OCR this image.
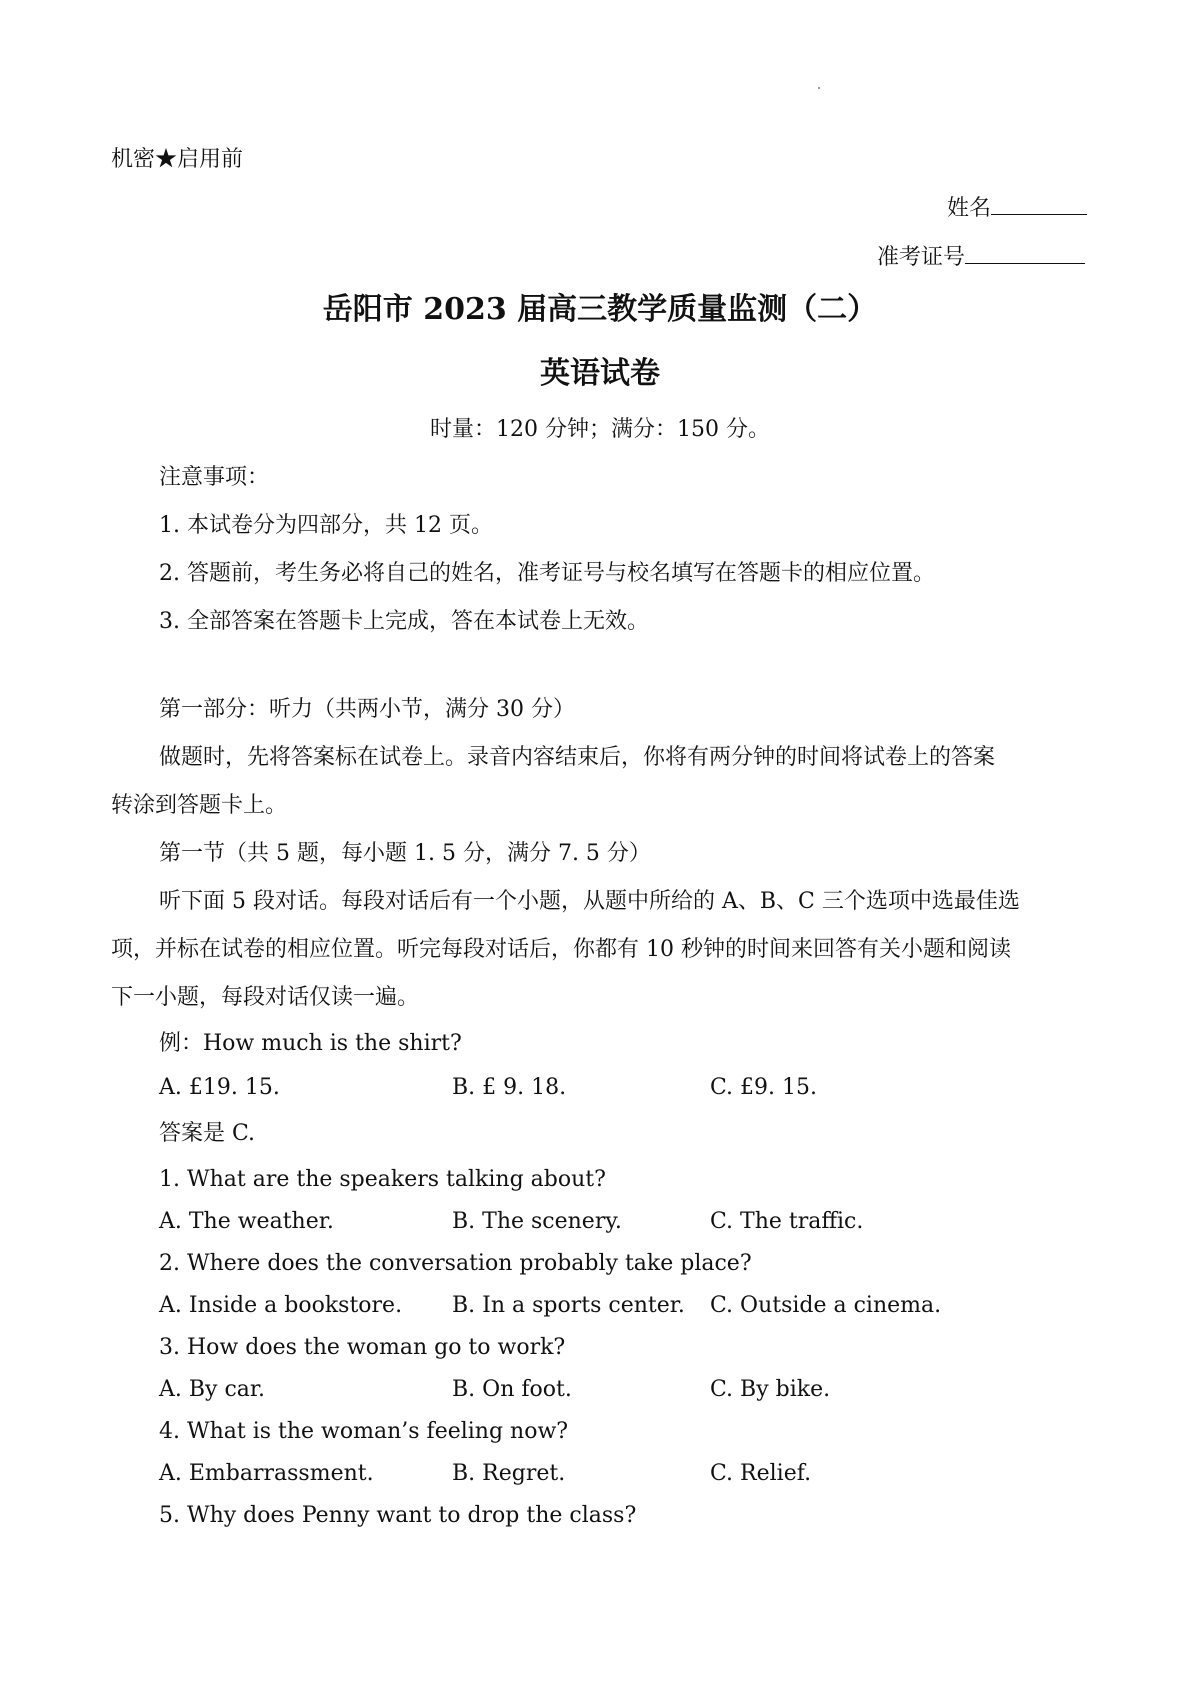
机密★启用前
姓名
准考证号
岳阳市 2023 届高三教学质量监测（二）
英语试卷
时量：120 分钟；满分：150 分。
注意事项：
1. 本试卷分为四部分，共 12 页。
2. 答题前，考生务必将自己的姓名，准考证号与校名填写在答题卡的相应位置。
3. 全部答案在答题卡上完成，答在本试卷上无效。
第一部分：听力（共两小节，满分 30 分）
做题时，先将答案标在试卷上。录音内容结束后，你将有两分钟的时间将试卷上的答案
转涂到答题卡上。
第一节（共 5 题，每小题 1. 5 分，满分 7. 5 分）
听下面 5 段对话。每段对话后有一个小题，从题中所给的 A、B、C 三个选项中选最佳选
项，并标在试卷的相应位置。听完每段对话后，你都有 10 秒钟的时间来回答有关小题和阅读
下一小题，每段对话仅读一遍。
例：How much is the shirt?
A. £19. 15.	B. £ 9. 18.	C. £9. 15.
答案是 C.
1. What are the speakers talking about?
A. The weather.	B. The scenery.	C. The traffic.
2. Where does the conversation probably take place?
A. Inside a bookstore. B. In a sports center. C. Outside a cinema.
3. How does the woman go to work?
A. By car.	B. On foot.	C. By bike.
4. What is the woman’s feeling now?
A. Embarrassment.	B. Regret.	C. Relief.
5. Why does Penny want to drop the class?
